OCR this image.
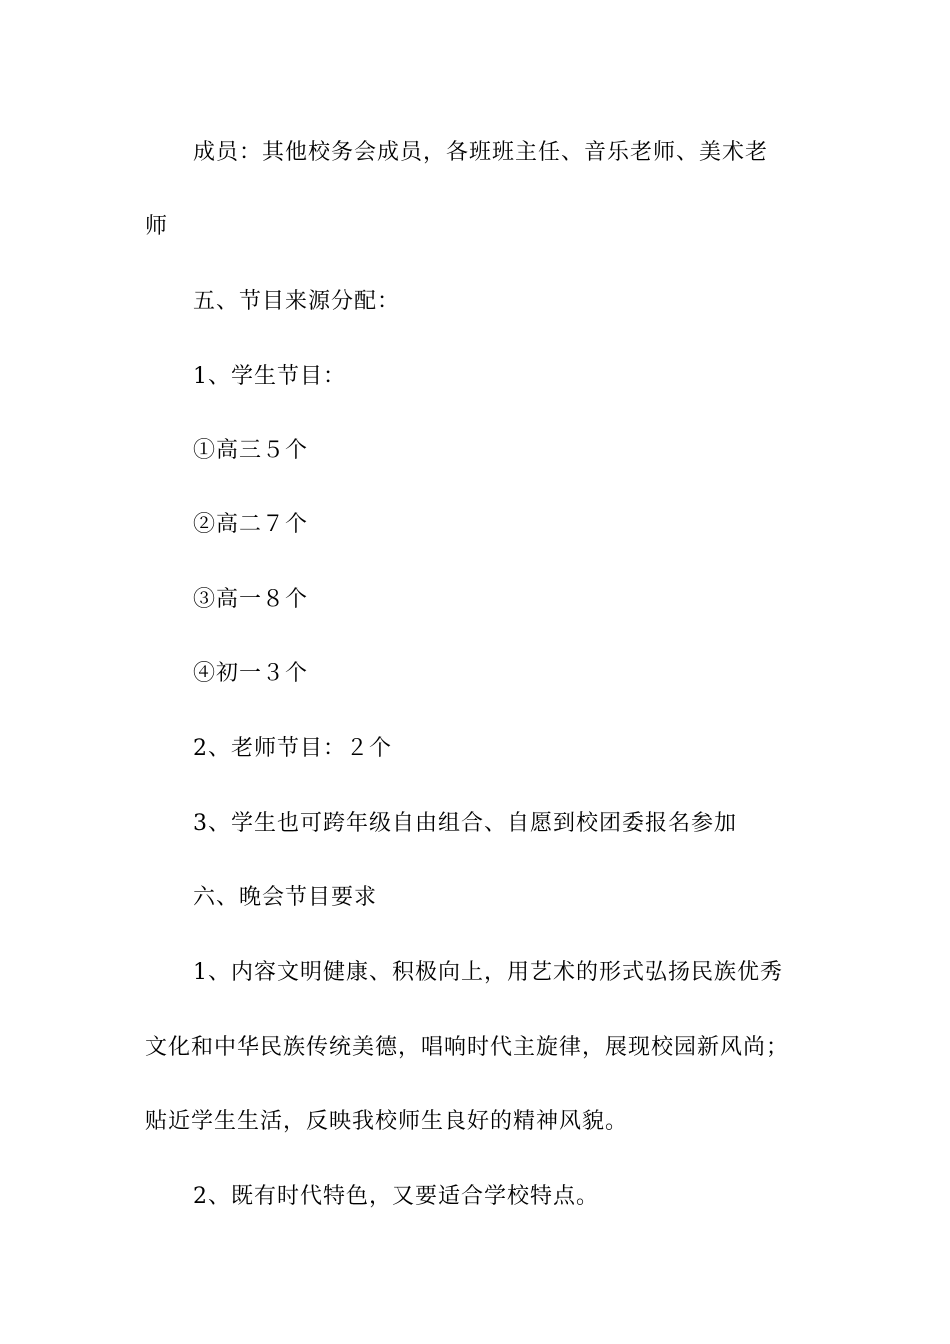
成员：其他校务会成员，各班班主任、音乐老师、美术老
师
五、节目来源分配：
1、学生节目：
①高三５个
②高二７个
③高一８个
④初一３个
2、老师节目：２个
3、学生也可跨年级自由组合、自愿到校团委报名参加
六、晚会节目要求
1、内容文明健康、积极向上，用艺术的形式弘扬民族优秀
文化和中华民族传统美德，唱响时代主旋律，展现校园新风尚；
贴近学生生活，反映我校师生良好的精神风貌。
2、既有时代特色，又要适合学校特点。
